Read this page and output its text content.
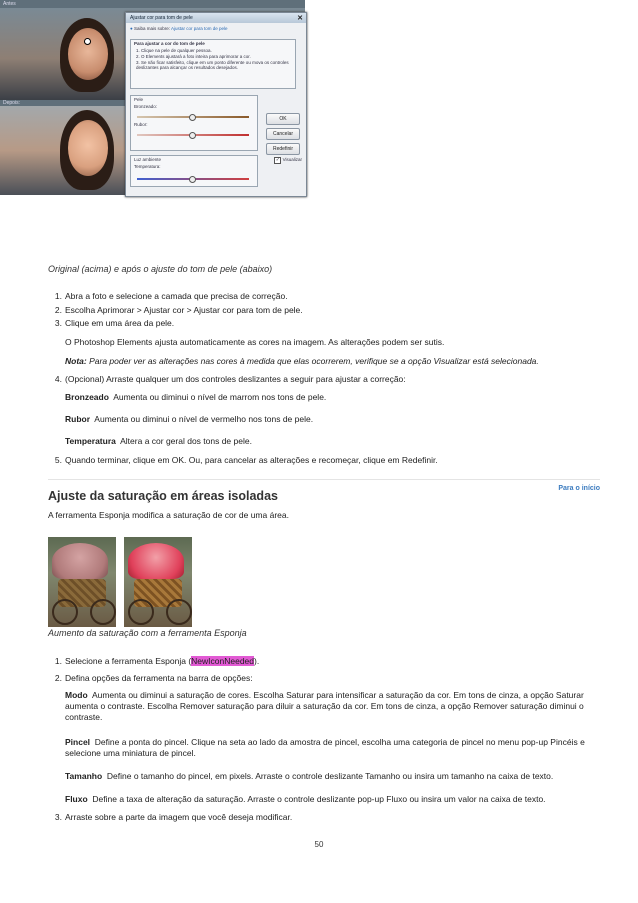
Antes
Depois:
Ajustar cor para tom de pele	✕
● Saiba mais sobre: Ajustar cor para tom de pele
Para ajustar a cor do tom de pele
1. Clique na pele de qualquer pessoa.
2. O Elements ajustará a foto inteira para aprimorar a cor.
3. Se não ficar satisfeito, clique em um ponto diferente ou mova os controles deslizantes para alcançar os resultados desejados.
Pele
Bronzeado:
Rubor:
Luz ambiente
Temperatura:
OK
Cancelar
Redefinir
✓ Visualizar
Original (acima) e após o ajuste do tom de pele (abaixo)
1. Abra a foto e selecione a camada que precisa de correção.
2. Escolha Aprimorar > Ajustar cor > Ajustar cor para tom de pele.
3. Clique em uma área da pele.
O Photoshop Elements ajusta automaticamente as cores na imagem. As alterações podem ser sutis.
Nota: Para poder ver as alterações nas cores à medida que elas ocorrerem, verifique se a opção Visualizar está selecionada.
4. (Opcional) Arraste qualquer um dos controles deslizantes a seguir para ajustar a correção:
Bronzeado Aumenta ou diminui o nível de marrom nos tons de pele.
Rubor Aumenta ou diminui o nível de vermelho nos tons de pele.
Temperatura Altera a cor geral dos tons de pele.
5. Quando terminar, clique em OK. Ou, para cancelar as alterações e recomeçar, clique em Redefinir.
Para o início
Ajuste da saturação em áreas isoladas
A ferramenta Esponja modifica a saturação de cor de uma área.
Aumento da saturação com a ferramenta Esponja
1. Selecione a ferramenta Esponja (NewIconNeeded).
2. Defina opções da ferramenta na barra de opções:
Modo Aumenta ou diminui a saturação de cores. Escolha Saturar para intensificar a saturação da cor. Em tons de cinza, a opção Saturar
aumenta o contraste. Escolha Remover saturação para diluir a saturação da cor. Em tons de cinza, a opção Remover saturação diminui o
contraste.
Pincel Define a ponta do pincel. Clique na seta ao lado da amostra de pincel, escolha uma categoria de pincel no menu pop-up Pincéis e
selecione uma miniatura de pincel.
Tamanho Define o tamanho do pincel, em pixels. Arraste o controle deslizante Tamanho ou insira um tamanho na caixa de texto.
Fluxo Define a taxa de alteração da saturação. Arraste o controle deslizante pop-up Fluxo ou insira um valor na caixa de texto.
3. Arraste sobre a parte da imagem que você deseja modificar.
50
